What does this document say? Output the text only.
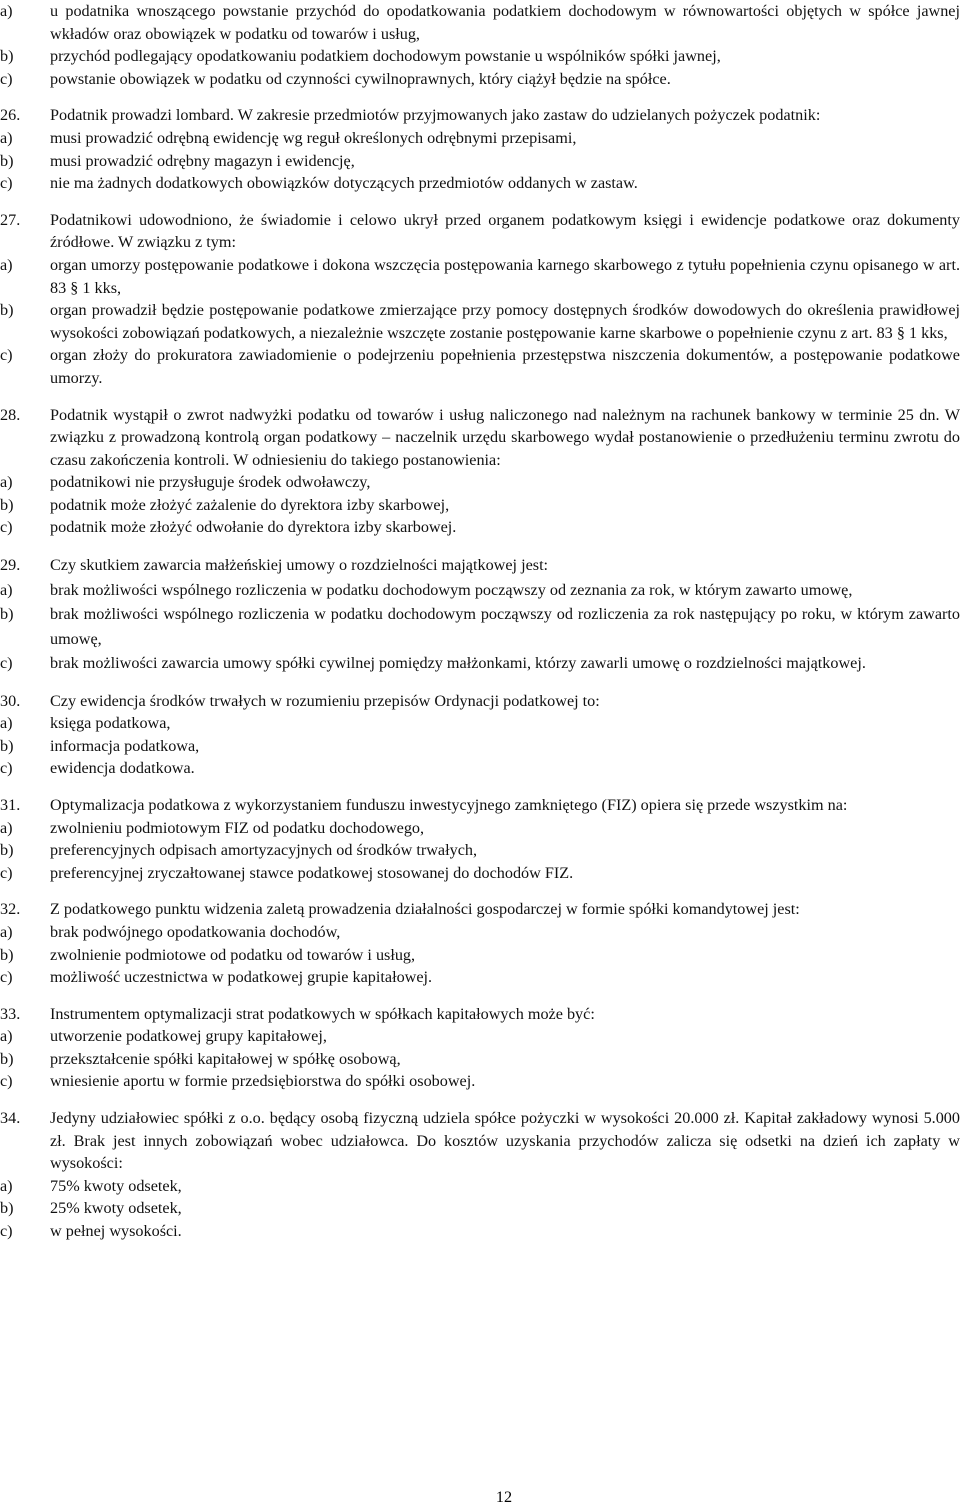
a)	u podatnika wnoszącego powstanie przychód do opodatkowania podatkiem dochodowym w równowartości objętych w spółce jawnej wkładów oraz obowiązek w podatku od towarów i usług,
b)	przychód podlegający opodatkowaniu podatkiem dochodowym powstanie u wspólników spółki jawnej,
c)	powstanie obowiązek w podatku od czynności cywilnoprawnych, który ciążył będzie na spółce.
26.	Podatnik prowadzi lombard. W zakresie przedmiotów przyjmowanych jako zastaw do udzielanych pożyczek podatnik:
a)	musi prowadzić odrębną ewidencję wg reguł określonych odrębnymi przepisami,
b)	musi prowadzić odrębny magazyn i ewidencję,
c)	nie ma żadnych dodatkowych obowiązków dotyczących przedmiotów oddanych w zastaw.
27.	Podatnikowi udowodniono, że świadomie i celowo ukrył przed organem podatkowym księgi i ewidencje podatkowe oraz dokumenty źródłowe. W związku z tym:
a)	organ umorzy postępowanie podatkowe i dokona wszczęcia postępowania karnego skarbowego z tytułu popełnienia czynu opisanego w art. 83 § 1 kks,
b)	organ prowadził będzie postępowanie podatkowe zmierzające przy pomocy dostępnych środków dowodowych do określenia prawidłowej wysokości zobowiązań podatkowych, a niezależnie wszczęte zostanie postępowanie karne skarbowe o popełnienie czynu z art. 83 § 1 kks,
c)	organ złoży do prokuratora zawiadomienie o podejrzeniu popełnienia przestępstwa niszczenia dokumentów, a postępowanie podatkowe umorzy.
28.	Podatnik wystąpił o zwrot nadwyżki podatku od towarów i usług naliczonego nad należnym na rachunek bankowy w terminie 25 dn. W związku z prowadzoną kontrolą organ podatkowy – naczelnik urzędu skarbowego wydał postanowienie o przedłużeniu terminu zwrotu do czasu zakończenia kontroli. W odniesieniu do takiego postanowienia:
a)	podatnikowi nie przysługuje środek odwoławczy,
b)	podatnik może złożyć zażalenie do dyrektora izby skarbowej,
c)	podatnik może złożyć odwołanie do dyrektora izby skarbowej.
29.	Czy skutkiem zawarcia małżeńskiej umowy o rozdzielności majątkowej jest:
a)	brak możliwości wspólnego rozliczenia w podatku dochodowym począwszy od zeznania za rok, w którym zawarto umowę,
b)	brak możliwości wspólnego rozliczenia w podatku dochodowym począwszy od rozliczenia za rok następujący po roku, w którym zawarto umowę,
c)	brak możliwości zawarcia umowy spółki cywilnej pomiędzy małżonkami, którzy zawarli umowę o rozdzielności majątkowej.
30.	Czy ewidencja środków trwałych w rozumieniu przepisów Ordynacji podatkowej to:
a)	księga podatkowa,
b)	informacja podatkowa,
c)	ewidencja dodatkowa.
31.	Optymalizacja podatkowa z wykorzystaniem funduszu inwestycyjnego zamkniętego (FIZ) opiera się przede wszystkim na:
a)	zwolnieniu podmiotowym FIZ od podatku dochodowego,
b)	preferencyjnych odpisach amortyzacyjnych od środków trwałych,
c)	preferencyjnej zryczałtowanej stawce podatkowej stosowanej do dochodów FIZ.
32.	Z podatkowego punktu widzenia zaletą prowadzenia działalności gospodarczej w formie spółki komandytowej jest:
a)	brak podwójnego opodatkowania dochodów,
b)	zwolnienie podmiotowe od podatku od towarów i usług,
c)	możliwość uczestnictwa w podatkowej grupie kapitałowej.
33.	Instrumentem optymalizacji strat podatkowych w spółkach kapitałowych może być:
a)	utworzenie podatkowej grupy kapitałowej,
b)	przekształcenie spółki kapitałowej w spółkę osobową,
c)	wniesienie aportu w formie przedsiębiorstwa do spółki osobowej.
34.	Jedyny udziałowiec spółki z o.o. będący osobą fizyczną udziela spółce pożyczki w wysokości 20.000 zł. Kapitał zakładowy wynosi 5.000 zł. Brak jest innych zobowiązań wobec udziałowca. Do kosztów uzyskania przychodów zalicza się odsetki na dzień ich zapłaty w wysokości:
a)	75% kwoty odsetek,
b)	25% kwoty odsetek,
c)	w pełnej wysokości.
12
